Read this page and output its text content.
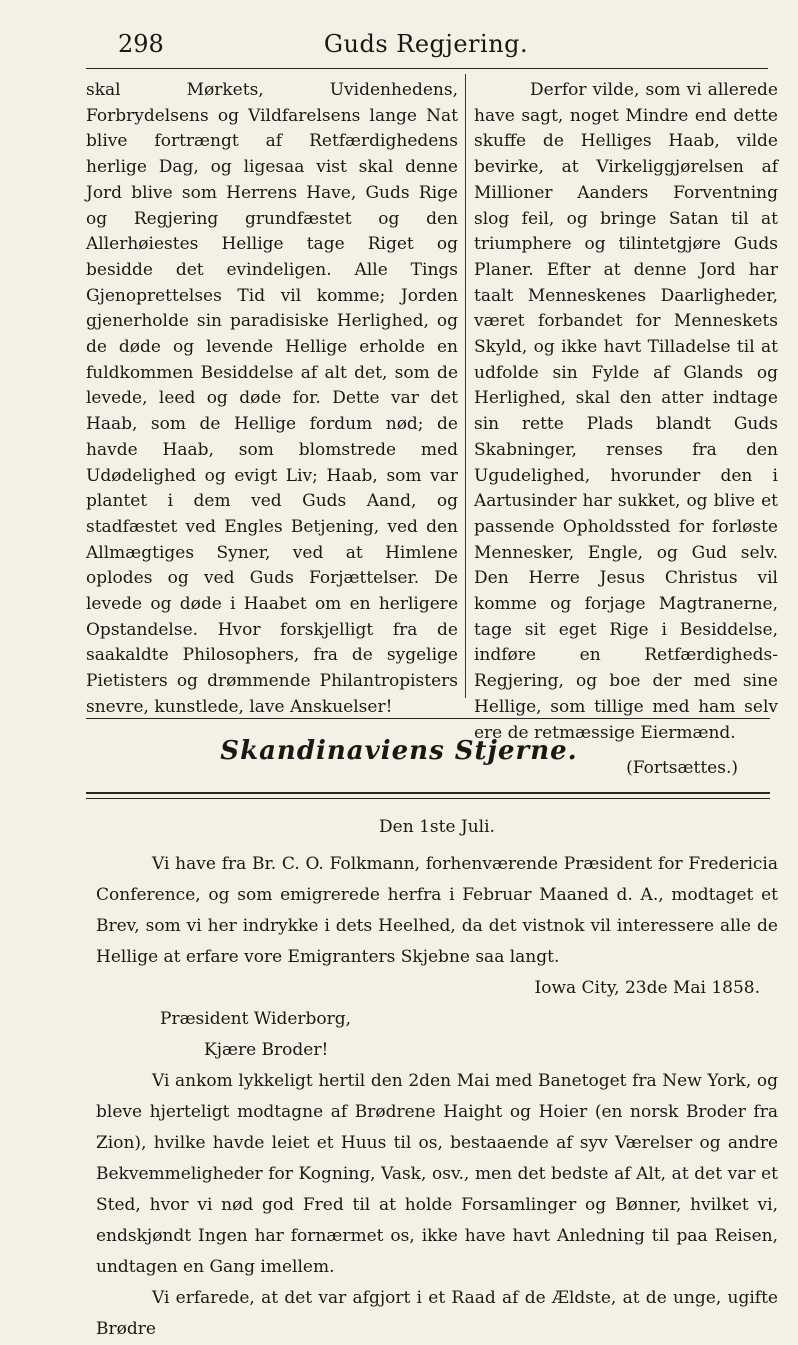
298	Guds Regjering.

skal Mørkets, Uvidenhedens, Forbrydelsens og Vildfarelsens lange Nat blive fortrængt af Retfærdighedens herlige Dag, og ligesaa vist skal denne Jord blive som Herrens Have, Guds Rige og Regjering grundfæstet og den Allerhøiestes Hellige tage Riget og besidde det evindeligen. Alle Tings Gjenoprettelses Tid vil komme; Jorden gjenerholde sin paradisiske Herlighed, og de døde og levende Hellige erholde en fuldkommen Besiddelse af alt det, som de levede, leed og døde for. Dette var det Haab, som de Hellige fordum nød; de havde Haab, som blomstrede med Udødelighed og evigt Liv; Haab, som var plantet i dem ved Guds Aand, og stadfæstet ved Engles Betjening, ved den Allmægtiges Syner, ved at Himlene oplodes og ved Guds Forjættelser. De levede og døde i Haabet om en herligere Opstandelse. Hvor forskjelligt fra de saakaldte Philosophers, fra de sygelige Pietisters og drømmende Philantropisters snevre, kunstlede, lave Anskuelser!

Derfor vilde, som vi allerede have sagt, noget Mindre end dette skuffe de Helliges Haab, vilde bevirke, at Virkeliggjørelsen af Millioner Aanders Forventning slog feil, og bringe Satan til at triumphere og tilintetgjøre Guds Planer. Efter at denne Jord har taalt Menneskenes Daarligheder, været forbandet for Menneskets Skyld, og ikke havt Tilladelse til at udfolde sin Fylde af Glands og Herlighed, skal den atter indtage sin rette Plads blandt Guds Skabninger, renses fra den Ugudelighed, hvorunder den i Aartusinder har sukket, og blive et passende Opholdssted for forløste Mennesker, Engle, og Gud selv. Den Herre Jesus Christus vil komme og forjage Magtranerne, tage sit eget Rige i Besiddelse, indføre en Retfærdigheds-Regjering, og boe der med sine Hellige, som tillige med ham selv ere de retmæssige Eiermænd.

(Fortsættes.)

Skandinaviens Stjerne.

Den 1ste Juli.

Vi have fra Br. C. O. Folkmann, forhenværende Præsident for Fredericia Conference, og som emigrerede herfra i Februar Maaned d. A., modtaget et Brev, som vi her indrykke i dets Heelhed, da det vistnok vil interessere alle de Hellige at erfare vore Emigranters Skjebne saa langt.

Iowa City, 23de Mai 1858.

Præsident Widerborg,

Kjære Broder!

Vi ankom lykkeligt hertil den 2den Mai med Banetoget fra New York, og bleve hjerteligt modtagne af Brødrene Haight og Hoier (en norsk Broder fra Zion), hvilke havde leiet et Huus til os, bestaaende af syv Værelser og andre Bekvemmeligheder for Kogning, Vask, osv., men det bedste af Alt, at det var et Sted, hvor vi nød god Fred til at holde Forsamlinger og Bønner, hvilket vi, endskjøndt Ingen har fornærmet os, ikke have havt Anledning til paa Reisen, undtagen en Gang imellem.

Vi erfarede, at det var afgjort i et Raad af de Ældste, at de unge, ugifte Brødre
